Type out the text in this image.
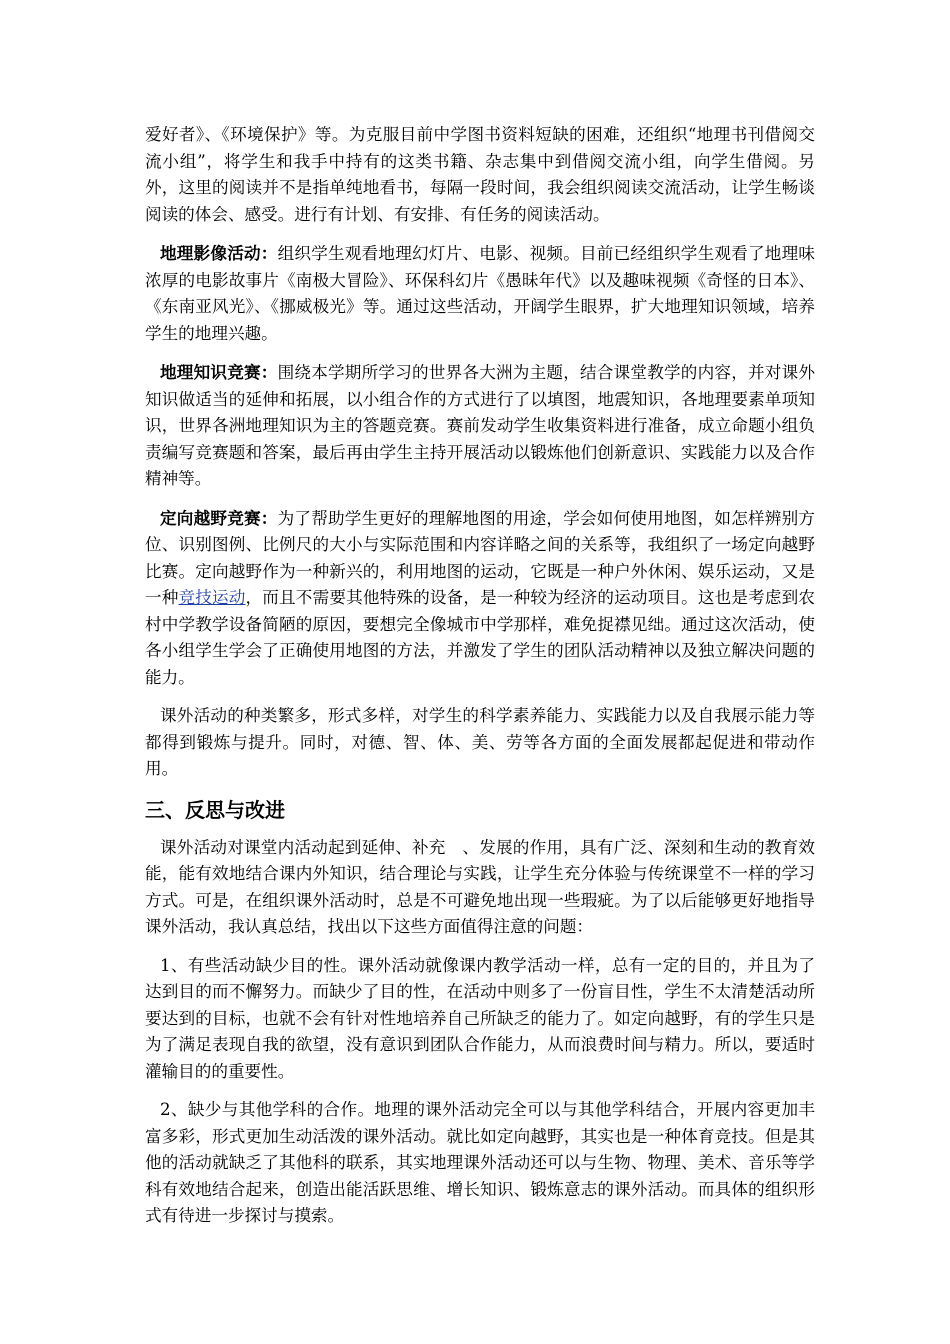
爱好者》、《环境保护》等。为克服目前中学图书资料短缺的困难，还组织“地理书刊借阅交流小组”，将学生和我手中持有的这类书籍、杂志集中到借阅交流小组，向学生借阅。另外，这里的阅读并不是指单纯地看书，每隔一段时间，我会组织阅读交流活动，让学生畅谈阅读的体会、感受。进行有计划、有安排、有任务的阅读活动。

地理影像活动：组织学生观看地理幻灯片、电影、视频。目前已经组织学生观看了地理味浓厚的电影故事片《南极大冒险》、环保科幻片《愚昧年代》以及趣味视频《奇怪的日本》、《东南亚风光》、《挪威极光》等。通过这些活动，开阔学生眼界，扩大地理知识领域，培养学生的地理兴趣。

地理知识竞赛：围绕本学期所学习的世界各大洲为主题，结合课堂教学的内容，并对课外知识做适当的延伸和拓展，以小组合作的方式进行了以填图，地震知识，各地理要素单项知识，世界各洲地理知识为主的答题竞赛。赛前发动学生收集资料进行准备，成立命题小组负责编写竞赛题和答案，最后再由学生主持开展活动以锻炼他们创新意识、实践能力以及合作精神等。

定向越野竞赛：为了帮助学生更好的理解地图的用途，学会如何使用地图，如怎样辨别方位、识别图例、比例尺的大小与实际范围和内容详略之间的关系等，我组织了一场定向越野比赛。定向越野作为一种新兴的，利用地图的运动，它既是一种户外休闲、娱乐运动，又是一种竞技运动，而且不需要其他特殊的设备，是一种较为经济的运动项目。这也是考虑到农村中学教学设备简陋的原因，要想完全像城市中学那样，难免捉襟见绌。通过这次活动，使各小组学生学会了正确使用地图的方法，并激发了学生的团队活动精神以及独立解决问题的能力。

课外活动的种类繁多，形式多样，对学生的科学素养能力、实践能力以及自我展示能力等都得到锻炼与提升。同时，对德、智、体、美、劳等各方面的全面发展都起促进和带动作用。

三、反思与改进

课外活动对课堂内活动起到延伸、补充　、发展的作用，具有广泛、深刻和生动的教育效能，能有效地结合课内外知识，结合理论与实践，让学生充分体验与传统课堂不一样的学习方式。可是，在组织课外活动时，总是不可避免地出现一些瑕疵。为了以后能够更好地指导课外活动，我认真总结，找出以下这些方面值得注意的问题：

1、有些活动缺少目的性。课外活动就像课内教学活动一样，总有一定的目的，并且为了达到目的而不懈努力。而缺少了目的性，在活动中则多了一份盲目性，学生不太清楚活动所要达到的目标，也就不会有针对性地培养自己所缺乏的能力了。如定向越野，有的学生只是为了满足表现自我的欲望，没有意识到团队合作能力，从而浪费时间与精力。所以，要适时灌输目的的重要性。

2、缺少与其他学科的合作。地理的课外活动完全可以与其他学科结合，开展内容更加丰富多彩，形式更加生动活泼的课外活动。就比如定向越野，其实也是一种体育竞技。但是其他的活动就缺乏了其他科的联系，其实地理课外活动还可以与生物、物理、美术、音乐等学科有效地结合起来，创造出能活跃思维、增长知识、锻炼意志的课外活动。而具体的组织形式有待进一步探讨与摸索。
